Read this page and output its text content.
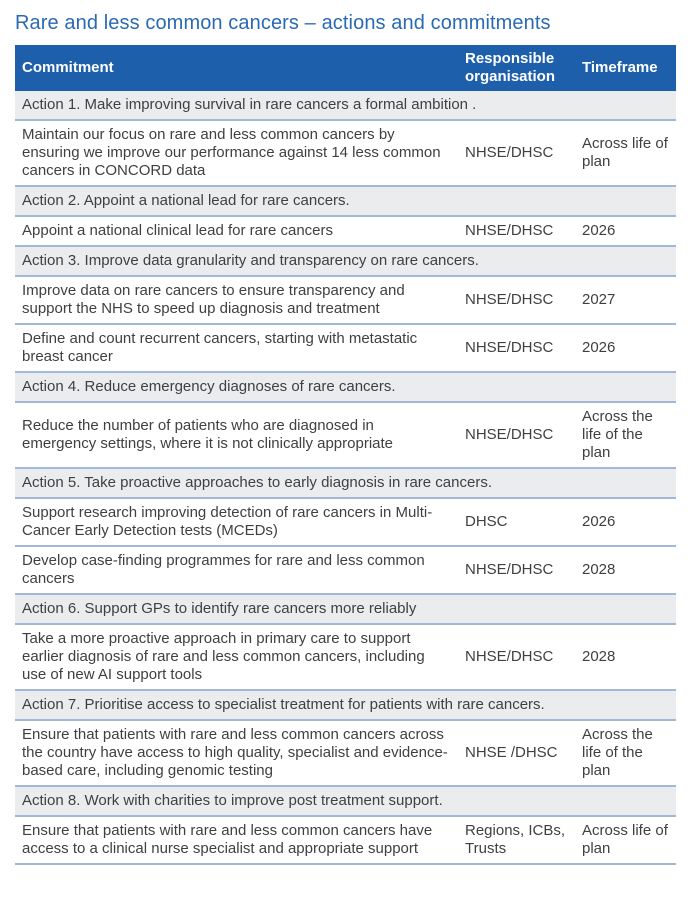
Rare and less common cancers – actions and commitments
Commitment	Responsible organisation	Timeframe
Action 1. Make improving survival in rare cancers a formal ambition .		
Maintain our focus on rare and less common cancers by ensuring we improve our performance against 14 less common cancers in CONCORD data	NHSE/DHSC	Across life of plan
Action 2. Appoint a national lead for rare cancers.		
Appoint a national clinical lead for rare cancers	NHSE/DHSC	2026
Action 3. Improve data granularity and transparency on rare cancers.		
Improve data on rare cancers to ensure transparency and support the NHS to speed up diagnosis and treatment	NHSE/DHSC	2027
Define and count recurrent cancers, starting with metastatic breast cancer	NHSE/DHSC	2026
Action 4. Reduce emergency diagnoses of rare cancers.		
Reduce the number of patients who are diagnosed in emergency settings, where it is not clinically appropriate	NHSE/DHSC	Across the life of the plan
Action 5. Take proactive approaches to early diagnosis in rare cancers.		
Support research improving detection of rare cancers in Multi-Cancer Early Detection tests (MCEDs)	DHSC	2026
Develop case-finding programmes for rare and less common cancers	NHSE/DHSC	2028
Action 6. Support GPs to identify rare cancers more reliably		
Take a more proactive approach in primary care to support earlier diagnosis of rare and less common cancers, including use of new AI support tools	NHSE/DHSC	2028
Action 7. Prioritise access to specialist treatment for patients with rare cancers.		
Ensure that patients with rare and less common cancers across the country have access to high quality, specialist and evidence-based care, including genomic testing	NHSE /DHSC	Across the life of the plan
Action 8. Work with charities to improve post treatment support.		
Ensure that patients with rare and less common cancers have access to a clinical nurse specialist and appropriate support	Regions, ICBs, Trusts	Across life of plan
